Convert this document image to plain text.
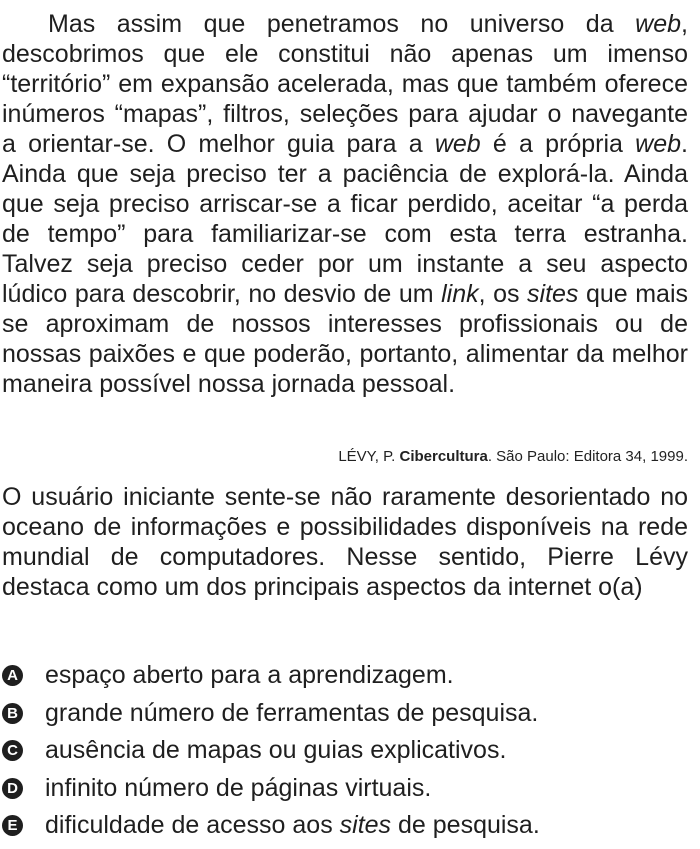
Mas assim que penetramos no universo da web, descobrimos que ele constitui não apenas um imenso “território” em expansão acelerada, mas que também oferece inúmeros “mapas”, filtros, seleções para ajudar o navegante a orientar-se. O melhor guia para a web é a própria web. Ainda que seja preciso ter a paciência de explorá-la. Ainda que seja preciso arriscar-se a ficar perdido, aceitar “a perda de tempo” para familiarizar-se com esta terra estranha. Talvez seja preciso ceder por um instante a seu aspecto lúdico para descobrir, no desvio de um link, os sites que mais se aproximam de nossos interesses profissionais ou de nossas paixões e que poderão, portanto, alimentar da melhor maneira possível nossa jornada pessoal.

LÉVY, P. Cibercultura. São Paulo: Editora 34, 1999.

O usuário iniciante sente-se não raramente desorientado no oceano de informações e possibilidades disponíveis na rede mundial de computadores. Nesse sentido, Pierre Lévy destaca como um dos principais aspectos da internet o(a)

A espaço aberto para a aprendizagem.
B grande número de ferramentas de pesquisa.
C ausência de mapas ou guias explicativos.
D infinito número de páginas virtuais.
E dificuldade de acesso aos sites de pesquisa.
